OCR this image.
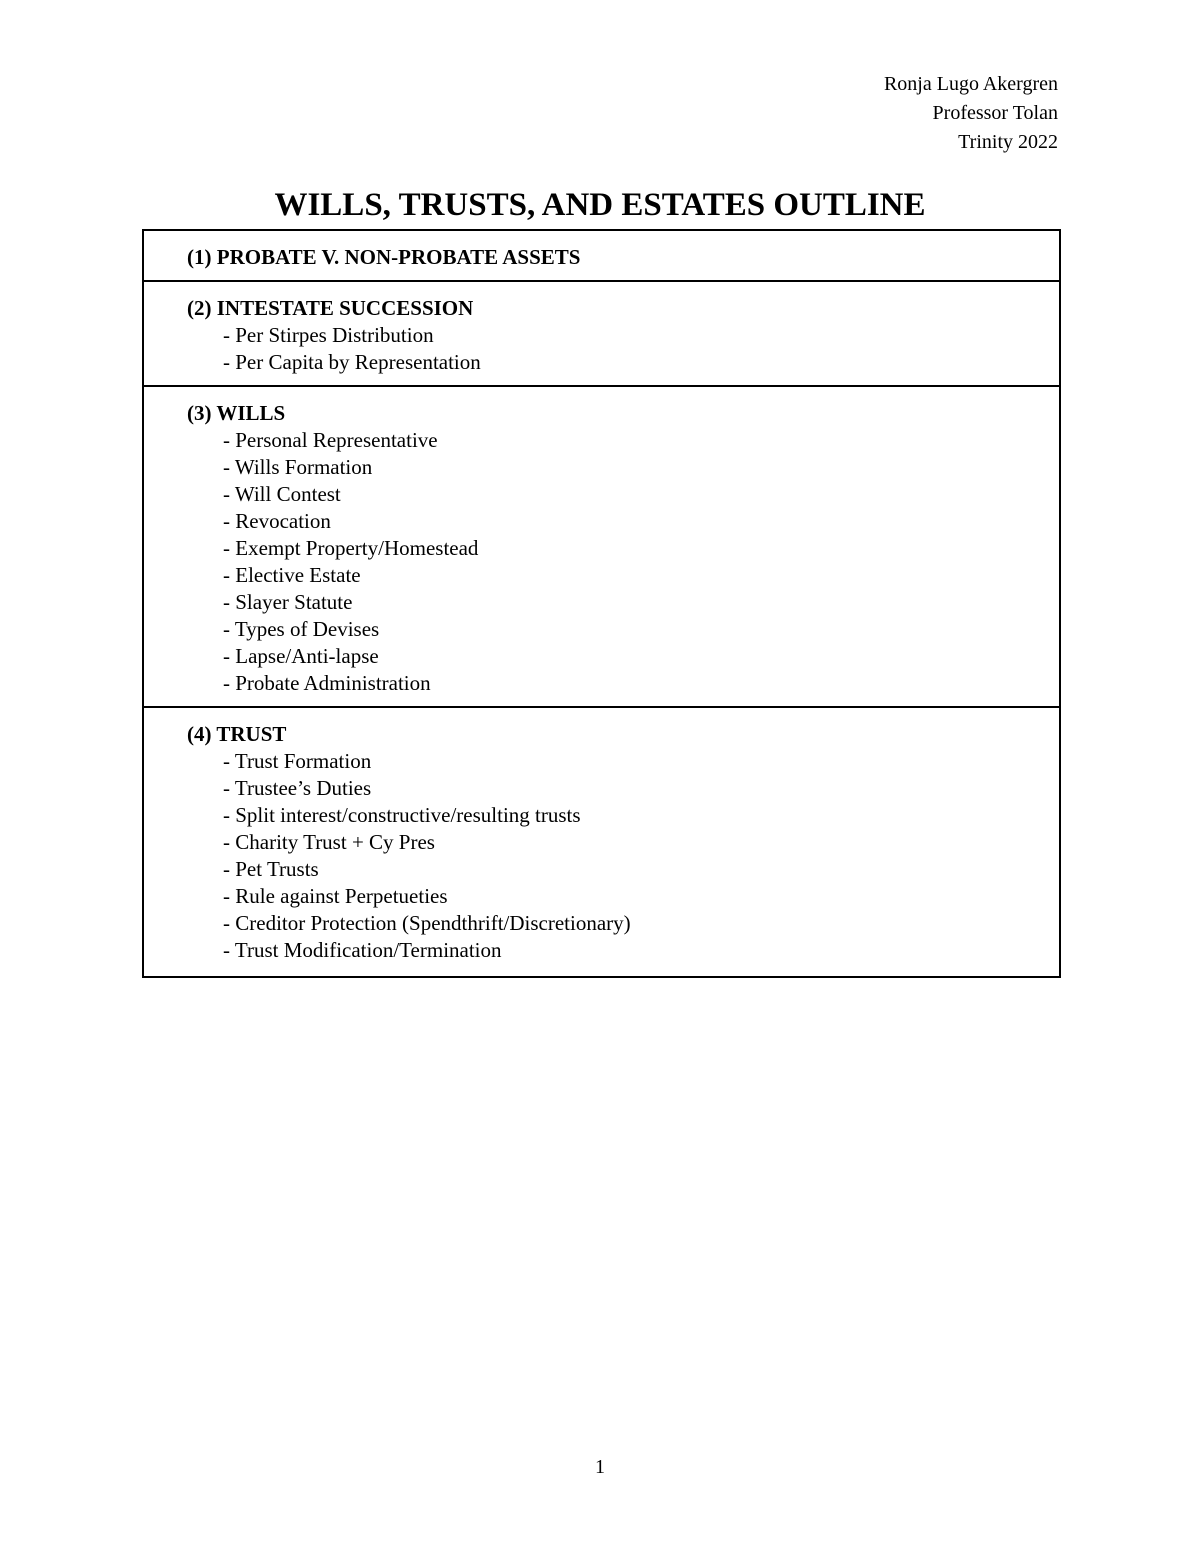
Ronja Lugo Akergren
Professor Tolan
Trinity 2022
WILLS, TRUSTS, AND ESTATES OUTLINE
(1) PROBATE V. NON-PROBATE ASSETS
(2) INTESTATE SUCCESSION
- Per Stirpes Distribution
- Per Capita by Representation
(3) WILLS
- Personal Representative
- Wills Formation
- Will Contest
- Revocation
- Exempt Property/Homestead
- Elective Estate
- Slayer Statute
- Types of Devises
- Lapse/Anti-lapse
- Probate Administration
(4) TRUST
- Trust Formation
- Trustee’s Duties
- Split interest/constructive/resulting trusts
- Charity Trust + Cy Pres
- Pet Trusts
- Rule against Perpetueties
- Creditor Protection (Spendthrift/Discretionary)
- Trust Modification/Termination
1
